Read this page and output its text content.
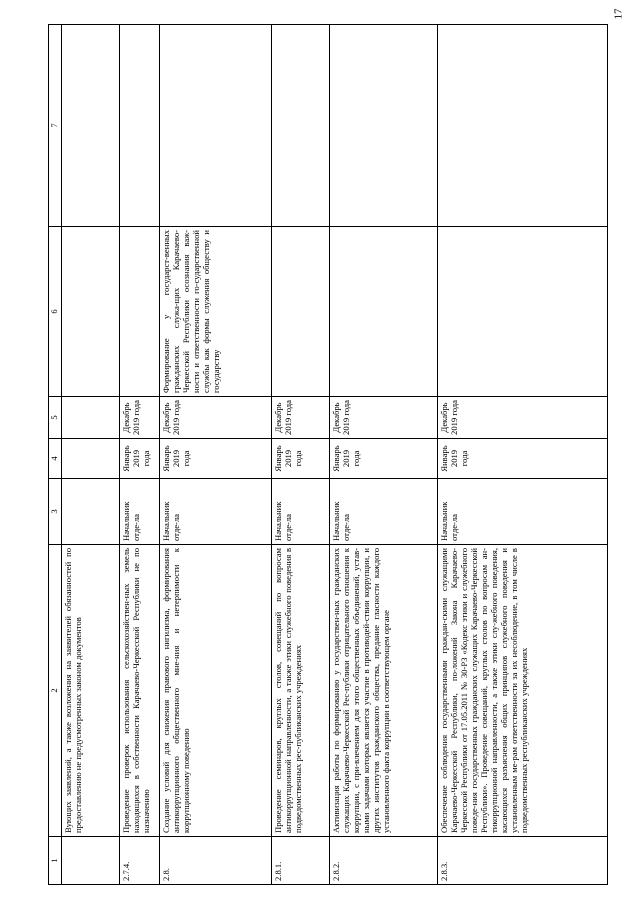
17
1	2	3	4	5	6	7
	Вующих заявлений, а также возложения на заявителей обязанностей по предоставлению не предусмотренных законом документов					
2.7.4.	Проведение проверок использования сельскохозяйствен-ных земель находящихся в собственности Карачаево-Черкесской Республики не по назначению	Начальник отде-ла	Январь 2019 года	Декабрь 2019 года		
2.8.	Создание условий для снижения правового нигилизма, формирования антикоррупционного общественного мне-ния и нетерпимости к коррупционному поведению	Начальник отде-ла	Январь 2019 года	Декабрь 2019 года	Формирование у государст-венных гражданских служа-щих Карачаево-Черкесской Республики осознания важ-ности и ответственности го-сударственной службы как формы служения обществу и государству	
2.8.1.	Проведение семинаров, круглых столов, совещаний по вопросам антикоррупционной направленности, а также этики служебного поведения в подведомственных рес-публиканских учреждениях	Начальник отде-ла	Январь 2019 года	Декабрь 2019 года		
2.8.2.	Активизация работы по формированию у государствен-ных гражданских служащих Карачаево-Черкесской Рес-публики отрицательного отношения к коррупции, с при-влечением для этого общественных объединений, устав-ными задачами которых является участие в противодей-ствии коррупции, и других институтов гражданского общества, предание гласности каждого установленного факта коррупции в соответствующем органе	Начальник отде-ла	Январь 2019 года	Декабрь 2019 года		
2.8.3.	Обеспечение соблюдения государственными граждан-скими служащими Карачаево-Черкесской Республики, по-ложений Закона Карачаево-Черкесской Республики от 17.05.2011 № 30-РЗ «Кодекс этики и служебного поведе-ния государственных гражданских служащих Карачаево-Черкесской Республики». Проведение совещаний, круглых столов по вопросам ан-тикоррупционной направленности, а также этики слу-жебного поведения, касающихся разъяснения общих принципов служебного поведения и установленным ме-рам ответственности за их несоблюдение, в том числе в подведомственных республиканских учреждениях	Начальник отде-ла	Январь 2019 года	Декабрь 2019 года		
